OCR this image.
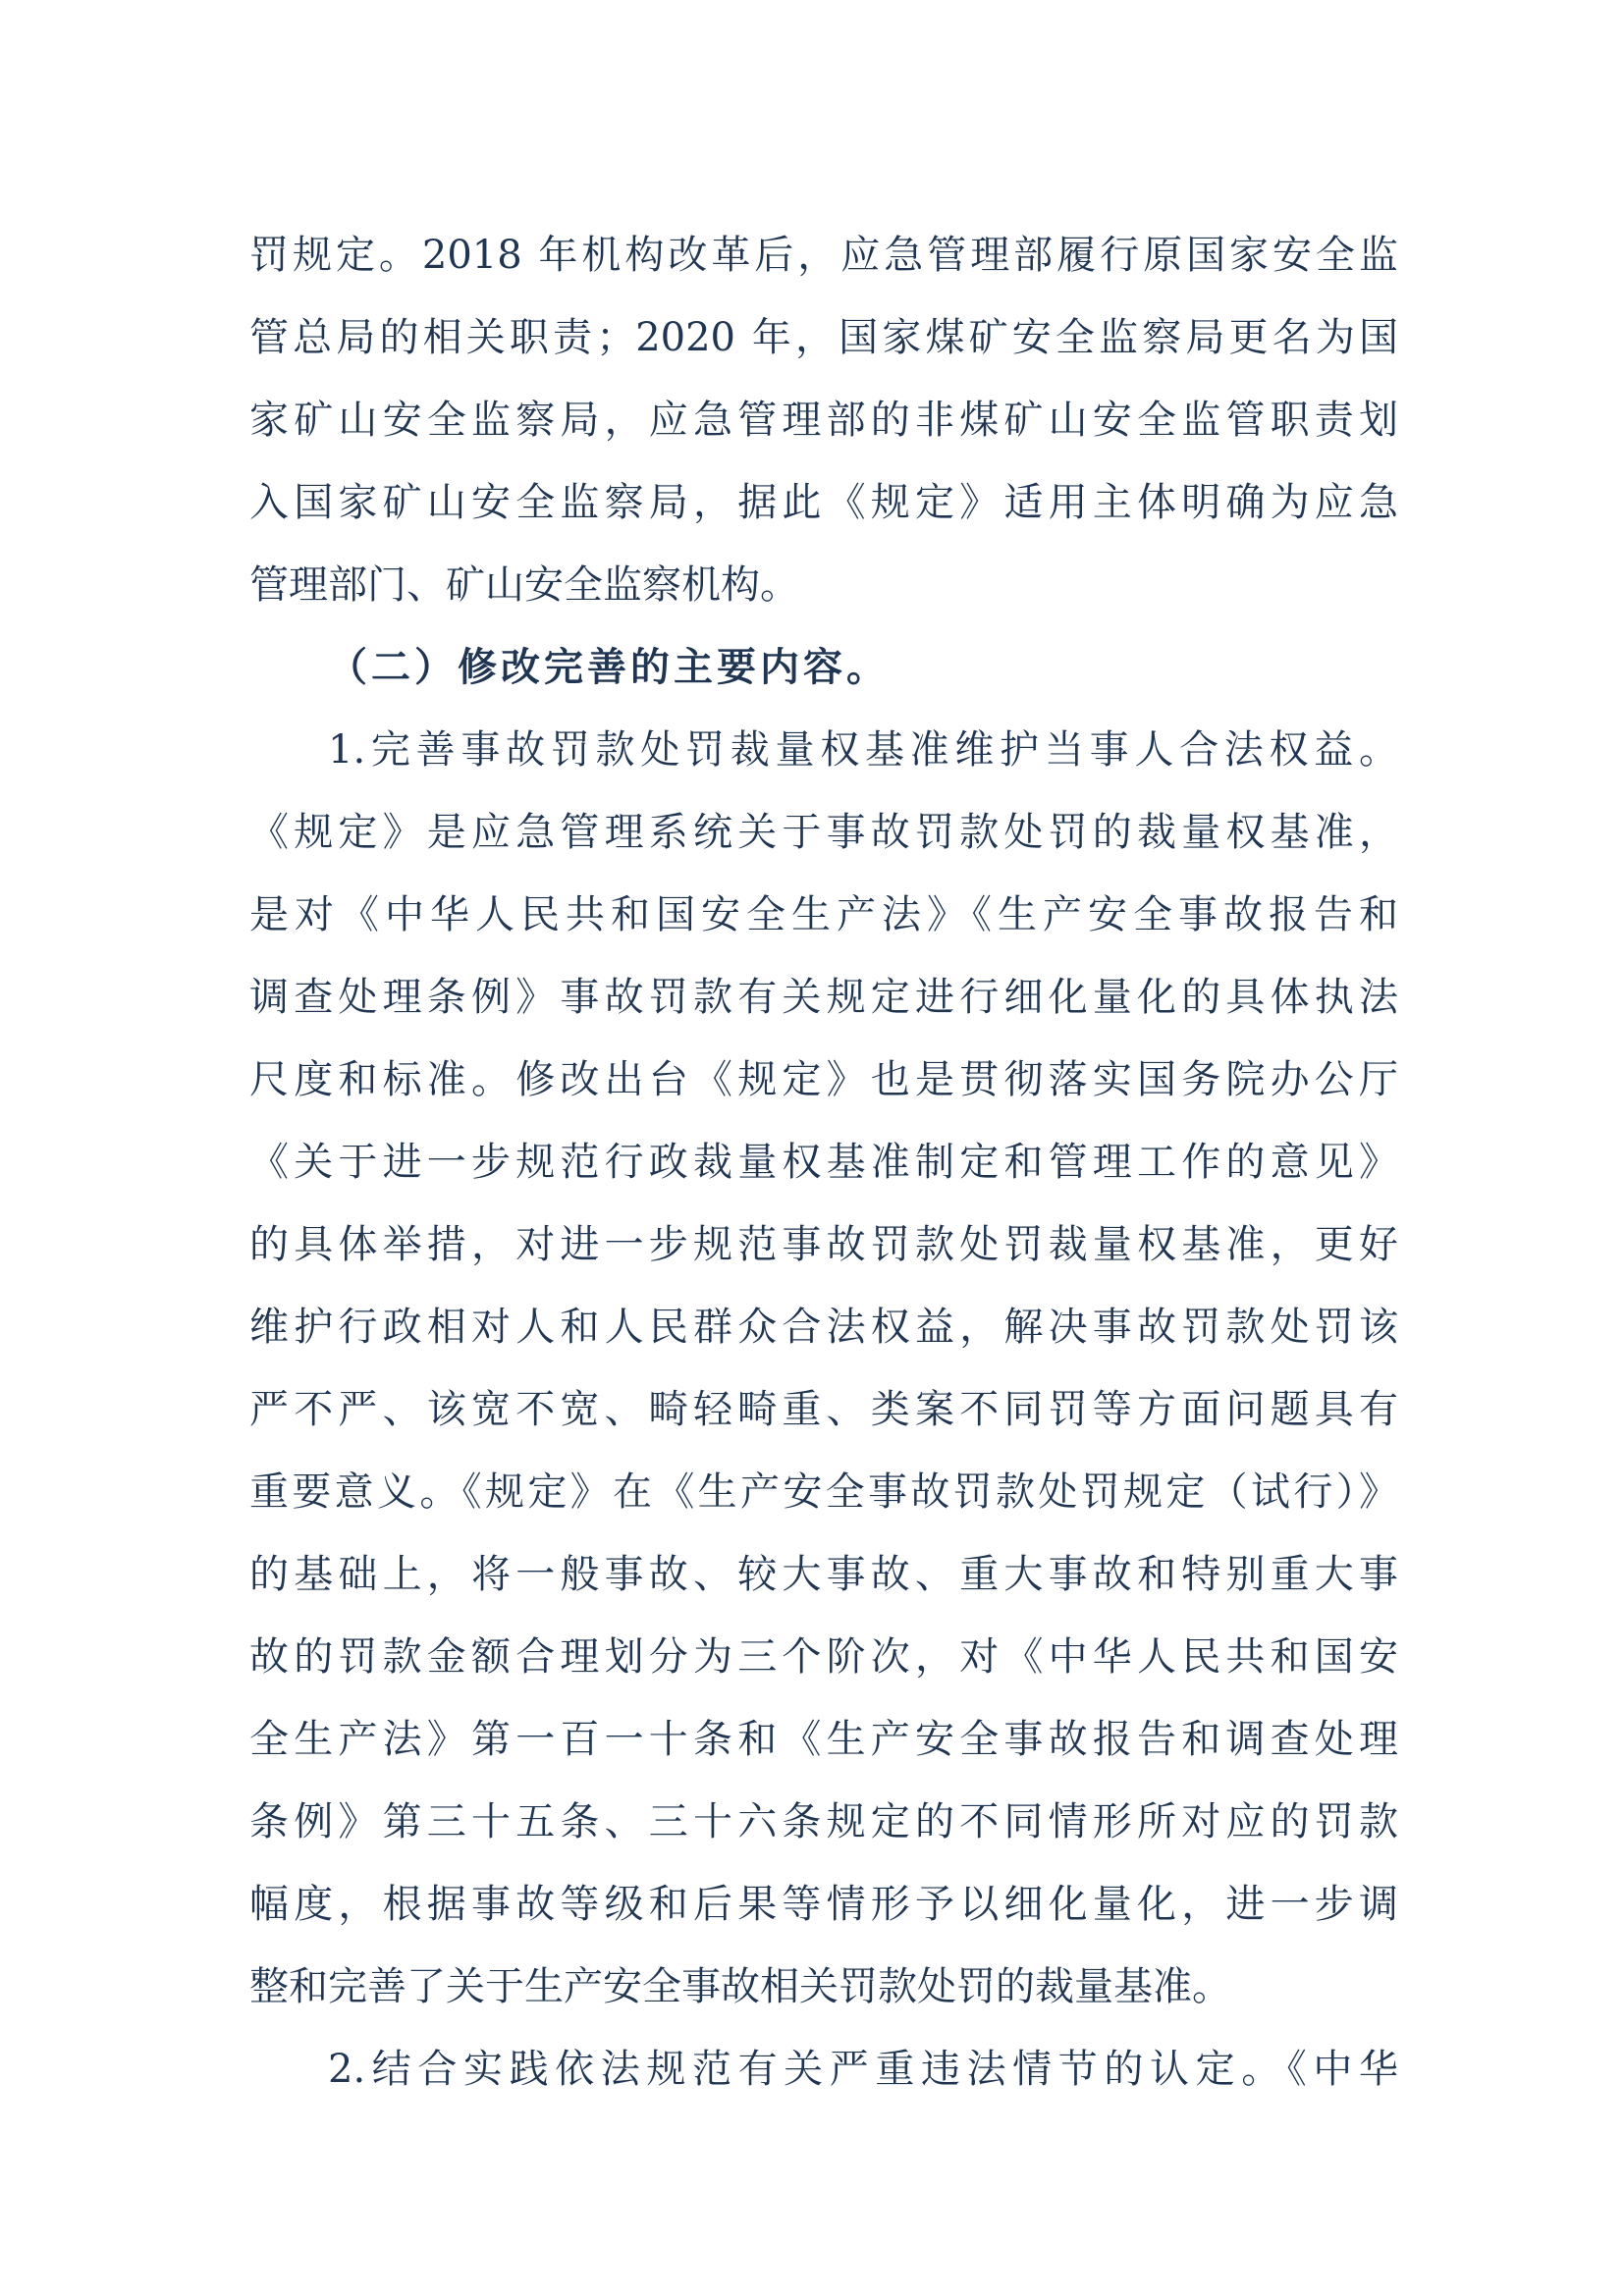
罚规定。2018 年机构改革后，应急管理部履行原国家安全监
管总局的相关职责；2020 年，国家煤矿安全监察局更名为国
家矿山安全监察局，应急管理部的非煤矿山安全监管职责划
入国家矿山安全监察局，据此《规定》适用主体明确为应急
管理部门、矿山安全监察机构。
（二）修改完善的主要内容。
1.完善事故罚款处罚裁量权基准维护当事人合法权益。
《规定》是应急管理系统关于事故罚款处罚的裁量权基准，
是对《中华人民共和国安全生产法》《生产安全事故报告和
调查处理条例》事故罚款有关规定进行细化量化的具体执法
尺度和标准。修改出台《规定》也是贯彻落实国务院办公厅
《关于进一步规范行政裁量权基准制定和管理工作的意见》
的具体举措，对进一步规范事故罚款处罚裁量权基准，更好
维护行政相对人和人民群众合法权益，解决事故罚款处罚该
严不严、该宽不宽、畸轻畸重、类案不同罚等方面问题具有
重要意义。《规定》在《生产安全事故罚款处罚规定（试行）》
的基础上，将一般事故、较大事故、重大事故和特别重大事
故的罚款金额合理划分为三个阶次，对《中华人民共和国安
全生产法》第一百一十条和《生产安全事故报告和调查处理
条例》第三十五条、三十六条规定的不同情形所对应的罚款
幅度，根据事故等级和后果等情形予以细化量化，进一步调
整和完善了关于生产安全事故相关罚款处罚的裁量基准。
2.结合实践依法规范有关严重违法情节的认定。《中华
